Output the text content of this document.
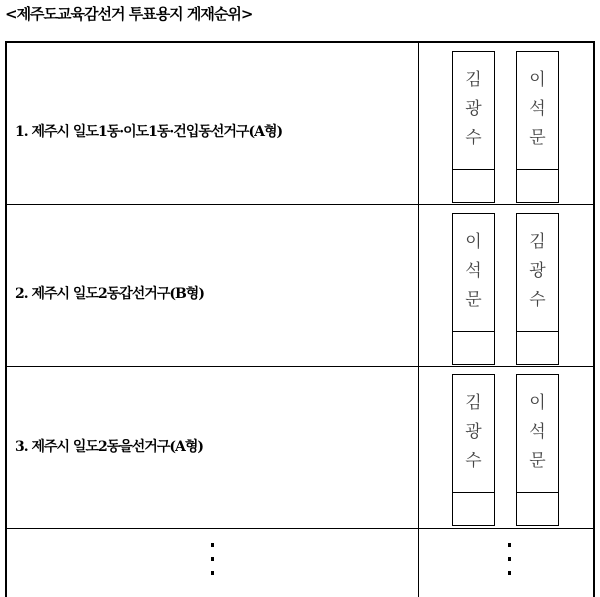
<제주도교육감선거 투표용지 게재순위>
1. 제주시 일도1동·이도1동·건입동선거구(A형)
김
광
수
이
석
문
2. 제주시 일도2동갑선거구(B형)
이
석
문
김
광
수
3. 제주시 일도2동을선거구(A형)
김
광
수
이
석
문
